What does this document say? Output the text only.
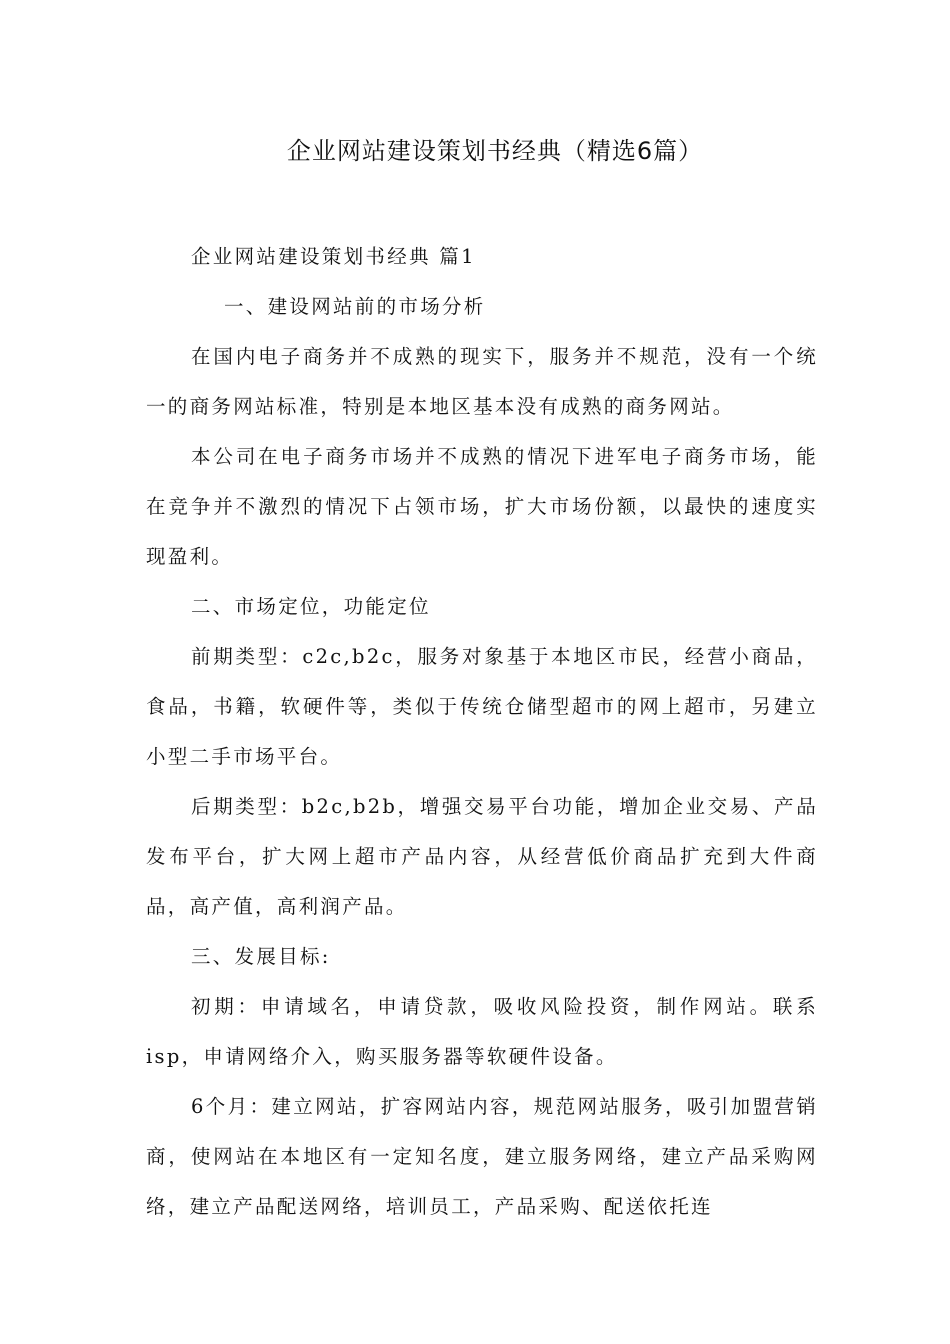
企业网站建设策划书经典（精选6篇）

企业网站建设策划书经典 篇1

一、建设网站前的市场分析

在国内电子商务并不成熟的现实下，服务并不规范，没有一个统一的商务网站标准，特别是本地区基本没有成熟的商务网站。

本公司在电子商务市场并不成熟的情况下进军电子商务市场，能在竞争并不激烈的情况下占领市场，扩大市场份额，以最快的速度实现盈利。

二、市场定位，功能定位

前期类型：c2c,b2c，服务对象基于本地区市民，经营小商品，食品，书籍，软硬件等，类似于传统仓储型超市的网上超市，另建立小型二手市场平台。

后期类型：b2c,b2b，增强交易平台功能，增加企业交易、产品发布平台，扩大网上超市产品内容，从经营低价商品扩充到大件商品，高产值，高利润产品。

三、发展目标:

初期：申请域名，申请贷款，吸收风险投资，制作网站。联系isp，申请网络介入，购买服务器等软硬件设备。

6个月：建立网站，扩容网站内容，规范网站服务，吸引加盟营销商，使网站在本地区有一定知名度，建立服务网络，建立产品采购网络，建立产品配送网络，培训员工，产品采购、配送依托连
